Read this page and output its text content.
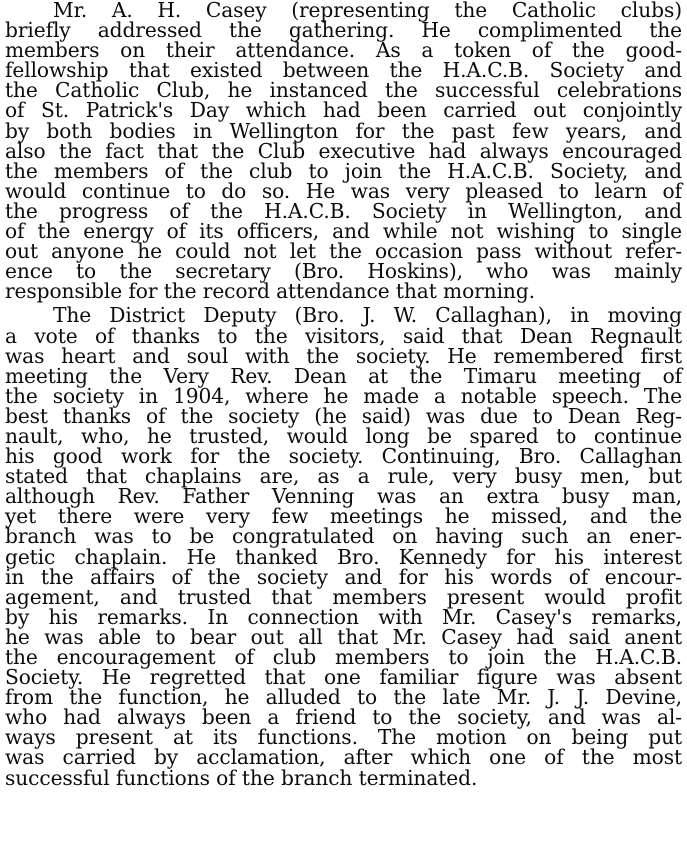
Mr. A. H. Casey (representing the Catholic clubs)
briefly addressed the gathering. He complimented the
members on their attendance. As a token of the good-
fellowship that existed between the H.A.C.B. Society and
the Catholic Club, he instanced the successful celebrations
of St. Patrick's Day which had been carried out conjointly
by both bodies in Wellington for the past few years, and
also the fact that the Club executive had always encouraged
the members of the club to join the H.A.C.B. Society, and
would continue to do so. He was very pleased to learn of
the progress of the H.A.C.B. Society in Wellington, and
of the energy of its officers, and while not wishing to single
out anyone he could not let the occasion pass without refer-
ence to the secretary (Bro. Hoskins), who was mainly
responsible for the record attendance that morning.
The District Deputy (Bro. J. W. Callaghan), in moving
a vote of thanks to the visitors, said that Dean Regnault
was heart and soul with the society. He remembered first
meeting the Very Rev. Dean at the Timaru meeting of
the society in 1904, where he made a notable speech. The
best thanks of the society (he said) was due to Dean Reg-
nault, who, he trusted, would long be spared to continue
his good work for the society. Continuing, Bro. Callaghan
stated that chaplains are, as a rule, very busy men, but
although Rev. Father Venning was an extra busy man,
yet there were very few meetings he missed, and the
branch was to be congratulated on having such an ener-
getic chaplain. He thanked Bro. Kennedy for his interest
in the affairs of the society and for his words of encour-
agement, and trusted that members present would profit
by his remarks. In connection with Mr. Casey's remarks,
he was able to bear out all that Mr. Casey had said anent
the encouragement of club members to join the H.A.C.B.
Society. He regretted that one familiar figure was absent
from the function, he alluded to the late Mr. J. J. Devine,
who had always been a friend to the society, and was al-
ways present at its functions. The motion on being put
was carried by acclamation, after which one of the most
successful functions of the branch terminated.
